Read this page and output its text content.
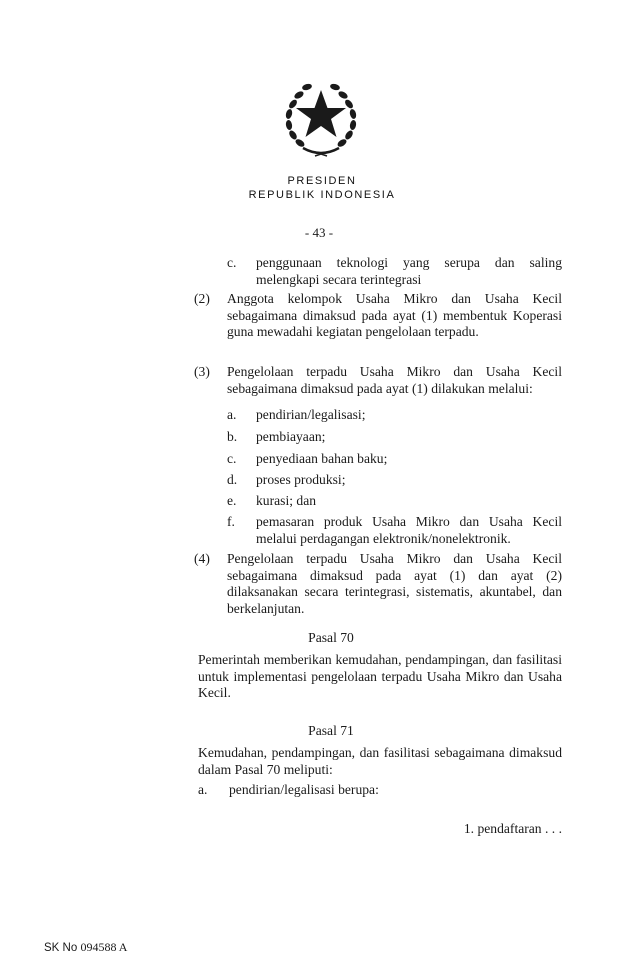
PRESIDEN
REPUBLIK INDONESIA
- 43 -
c. penggunaan teknologi yang serupa dan saling melengkapi secara terintegrasi
(2) Anggota kelompok Usaha Mikro dan Usaha Kecil sebagaimana dimaksud pada ayat (1) membentuk Koperasi guna mewadahi kegiatan pengelolaan terpadu.
(3) Pengelolaan terpadu Usaha Mikro dan Usaha Kecil sebagaimana dimaksud pada ayat (1) dilakukan melalui:
a. pendirian/legalisasi;
b. pembiayaan;
c. penyediaan bahan baku;
d. proses produksi;
e. kurasi; dan
f. pemasaran produk Usaha Mikro dan Usaha Kecil melalui perdagangan elektronik/nonelektronik.
(4) Pengelolaan terpadu Usaha Mikro dan Usaha Kecil sebagaimana dimaksud pada ayat (1) dan ayat (2) dilaksanakan secara terintegrasi, sistematis, akuntabel, dan berkelanjutan.
Pasal 70
Pemerintah memberikan kemudahan, pendampingan, dan fasilitasi untuk implementasi pengelolaan terpadu Usaha Mikro dan Usaha Kecil.
Pasal 71
Kemudahan, pendampingan, dan fasilitasi sebagaimana dimaksud dalam Pasal 70 meliputi:
a. pendirian/legalisasi berupa:
1. pendaftaran . . .
SK No 094588 A
